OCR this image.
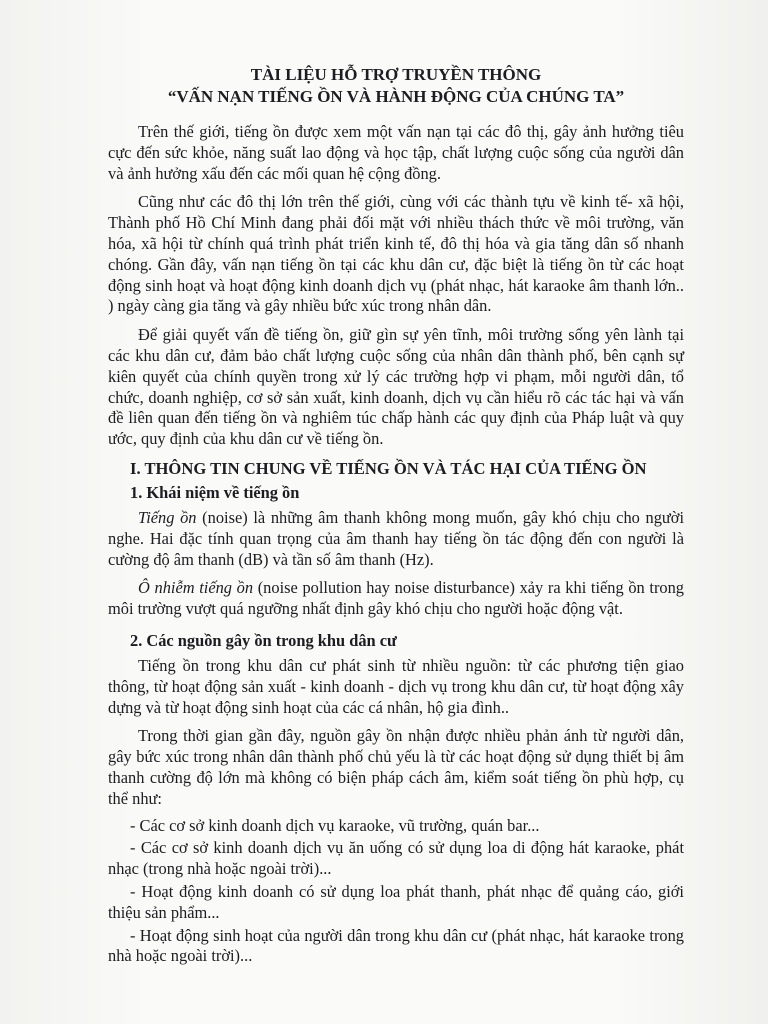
TÀI LIỆU HỖ TRỢ TRUYỀN THÔNG
“VẤN NẠN TIẾNG ỒN VÀ HÀNH ĐỘNG CỦA CHÚNG TA”

Trên thế giới, tiếng ồn được xem một vấn nạn tại các đô thị, gây ảnh hưởng tiêu cực đến sức khỏe, năng suất lao động và học tập, chất lượng cuộc sống của người dân và ảnh hưởng xấu đến các mối quan hệ cộng đồng.

Cũng như các đô thị lớn trên thế giới, cùng với các thành tựu về kinh tế- xã hội, Thành phố Hồ Chí Minh đang phải đối mặt với nhiều thách thức về môi trường, văn hóa, xã hội từ chính quá trình phát triển kinh tế, đô thị hóa và gia tăng dân số nhanh chóng. Gần đây, vấn nạn tiếng ồn tại các khu dân cư, đặc biệt là tiếng ồn từ các hoạt động sinh hoạt và hoạt động kinh doanh dịch vụ (phát nhạc, hát karaoke âm thanh lớn.. ) ngày càng gia tăng và gây nhiều bức xúc trong nhân dân.

Để giải quyết vấn đề tiếng ồn, giữ gìn sự yên tĩnh, môi trường sống yên lành tại các khu dân cư, đảm bảo chất lượng cuộc sống của nhân dân thành phố, bên cạnh sự kiên quyết của chính quyền trong xử lý các trường hợp vi phạm, mỗi người dân, tổ chức, doanh nghiệp, cơ sở sản xuất, kinh doanh, dịch vụ cần hiểu rõ các tác hại và vấn đề liên quan đến tiếng ồn và nghiêm túc chấp hành các quy định của Pháp luật và quy ước, quy định của khu dân cư về tiếng ồn.

I. THÔNG TIN CHUNG VỀ TIẾNG ỒN VÀ TÁC HẠI CỦA TIẾNG ỒN
1. Khái niệm về tiếng ồn

Tiếng ồn (noise) là những âm thanh không mong muốn, gây khó chịu cho người nghe. Hai đặc tính quan trọng của âm thanh hay tiếng ồn tác động đến con người là cường độ âm thanh (dB) và tần số âm thanh (Hz).

Ô nhiễm tiếng ồn (noise pollution hay noise disturbance) xảy ra khi tiếng ồn trong môi trường vượt quá ngưỡng nhất định gây khó chịu cho người hoặc động vật.

2. Các nguồn gây ồn trong khu dân cư

Tiếng ồn trong khu dân cư phát sinh từ nhiều nguồn: từ các phương tiện giao thông, từ hoạt động sản xuất - kinh doanh - dịch vụ trong khu dân cư, từ hoạt động xây dựng và từ hoạt động sinh hoạt của các cá nhân, hộ gia đình..

Trong thời gian gần đây, nguồn gây ồn nhận được nhiều phản ánh từ người dân, gây bức xúc trong nhân dân thành phố chủ yếu là từ các hoạt động sử dụng thiết bị âm thanh cường độ lớn mà không có biện pháp cách âm, kiểm soát tiếng ồn phù hợp, cụ thể như:

- Các cơ sở kinh doanh dịch vụ karaoke, vũ trường, quán bar...

- Các cơ sở kinh doanh dịch vụ ăn uống có sử dụng loa di động hát karaoke, phát nhạc (trong nhà hoặc ngoài trời)...

- Hoạt động kinh doanh có sử dụng loa phát thanh, phát nhạc để quảng cáo, giới thiệu sản phẩm...

- Hoạt động sinh hoạt của người dân trong khu dân cư (phát nhạc, hát karaoke trong nhà hoặc ngoài trời)...
